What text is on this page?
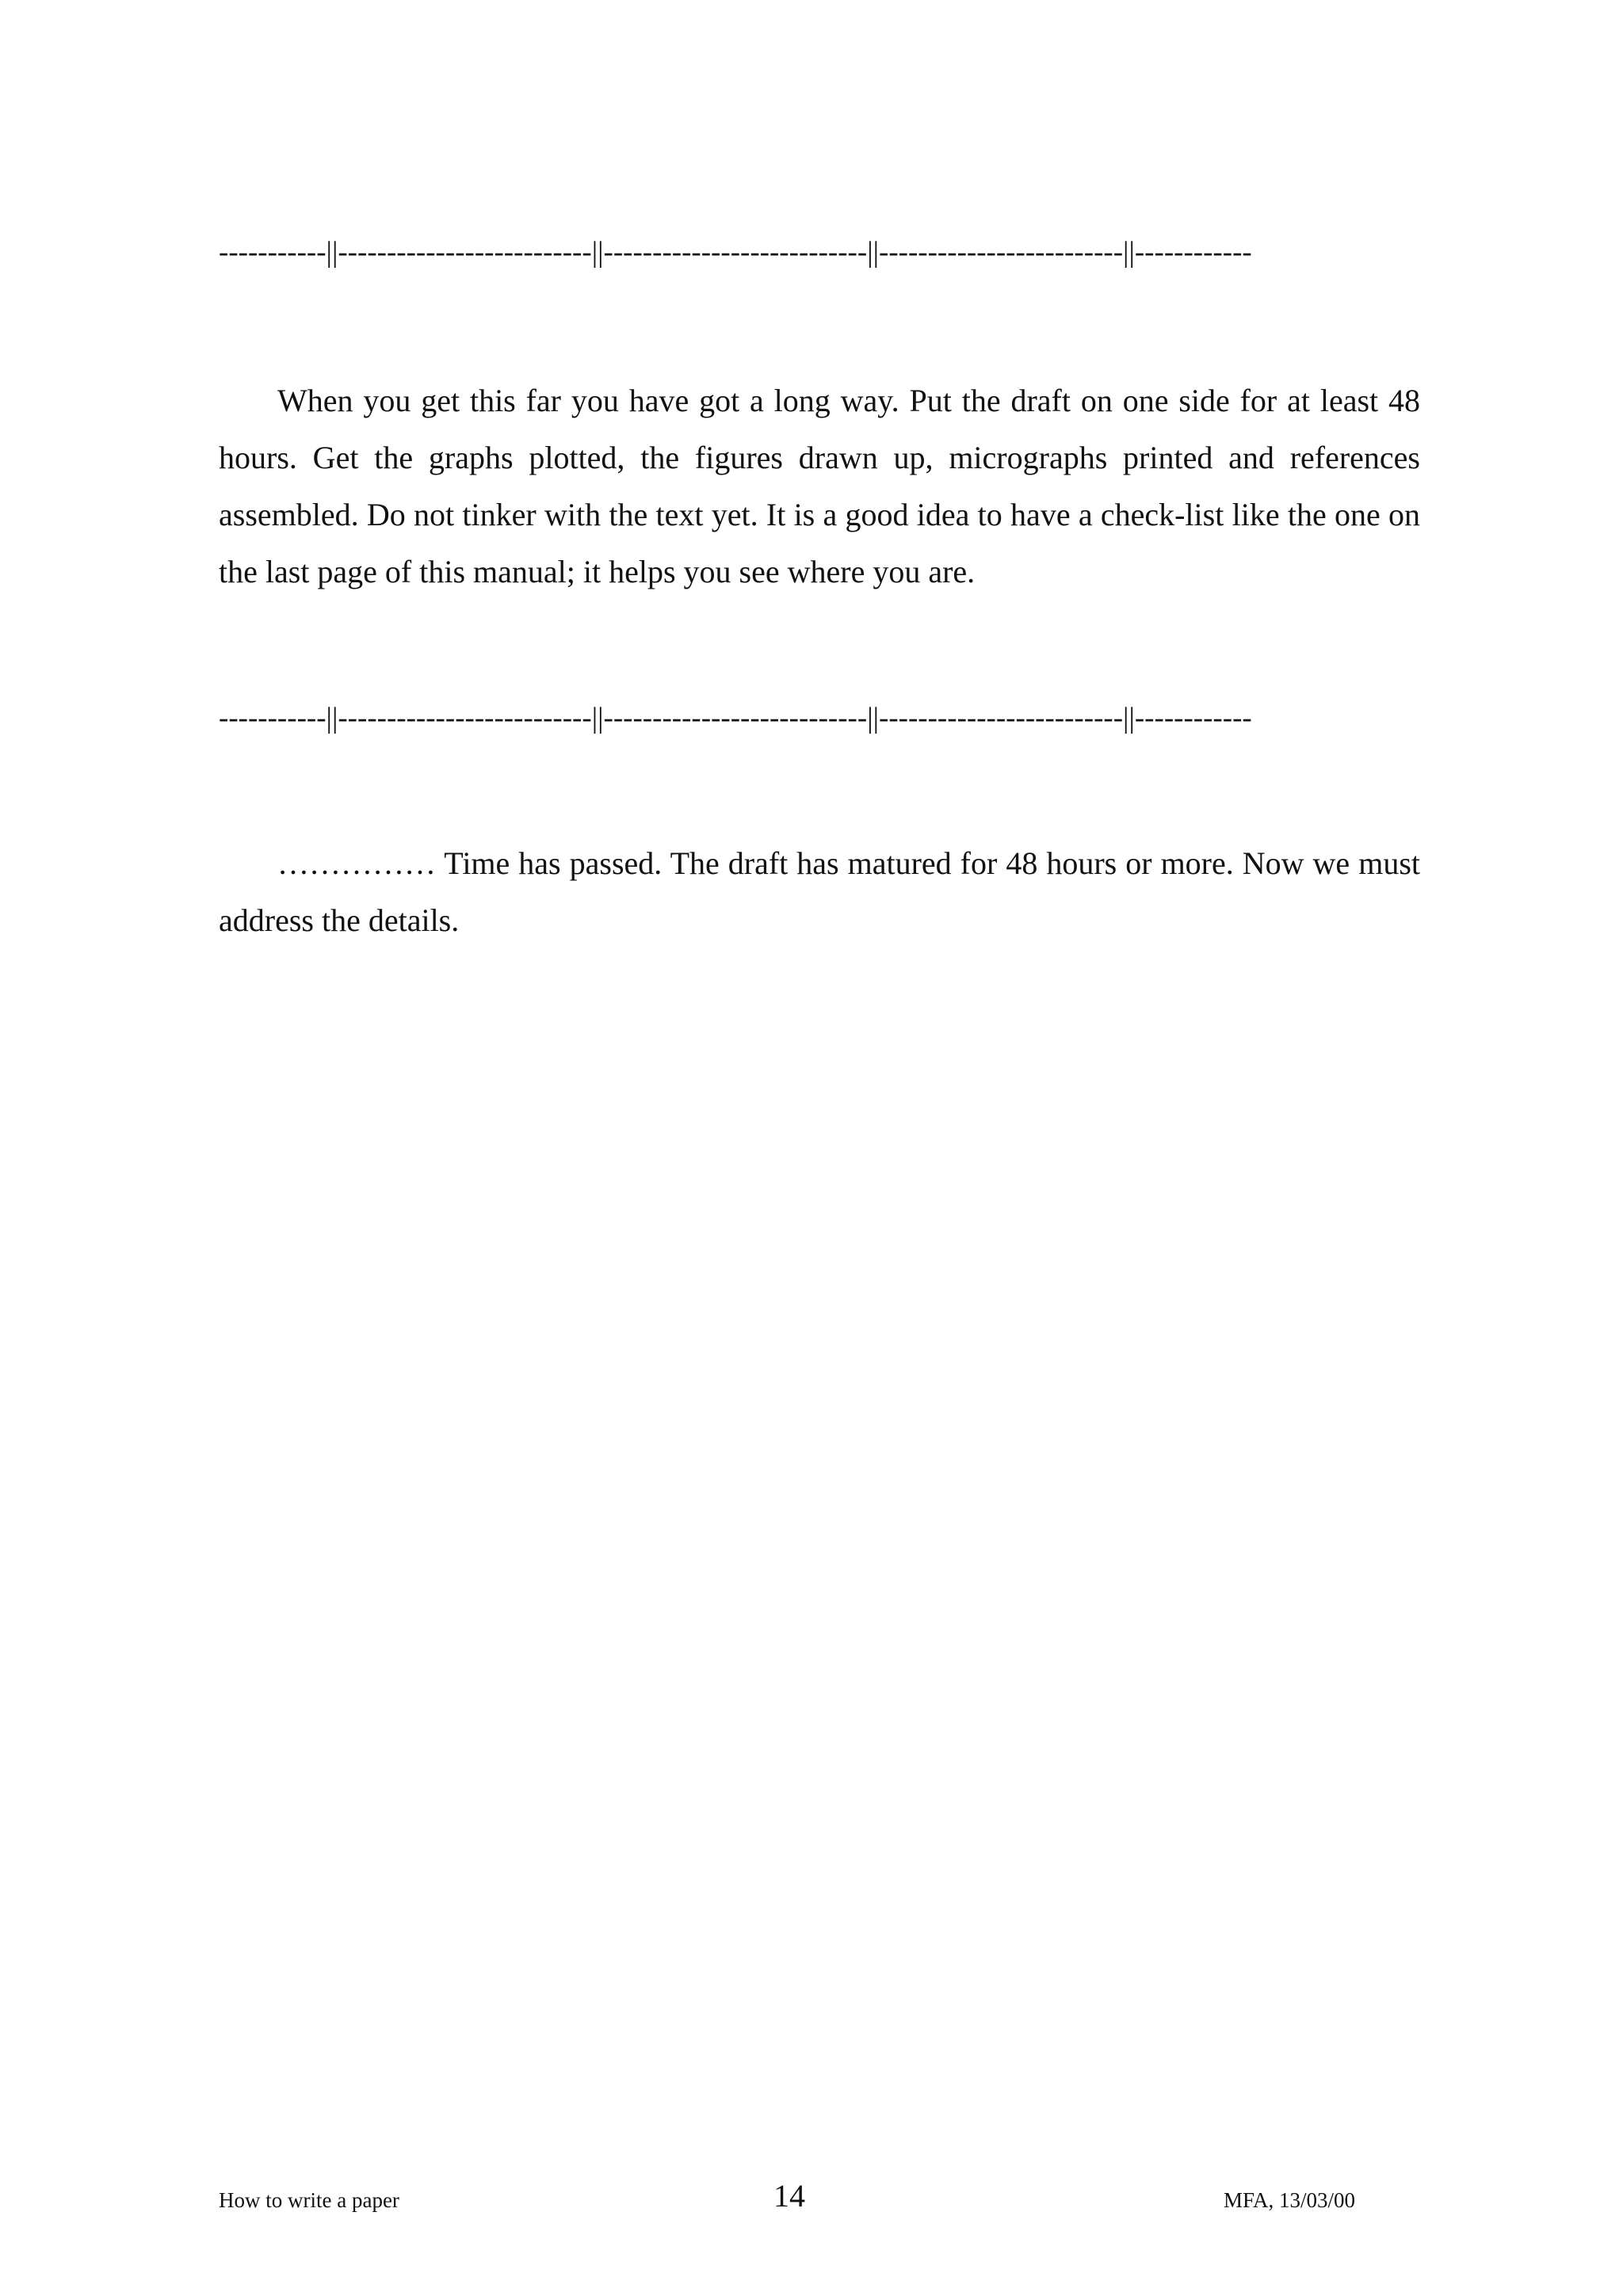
-----------||--------------------------||---------------------------||-------------------------||------------

When you get this far you have got a long way. Put the draft on one side for at least 48 hours. Get the graphs plotted, the figures drawn up, micrographs printed and references assembled. Do not tinker with the text yet. It is a good idea to have a check-list like the one on the last page of this manual; it helps you see where you are.

-----------||--------------------------||---------------------------||-------------------------||------------

…………… Time has passed. The draft has matured for 48 hours or more. Now we must address the details.

How to write a paper	14	MFA, 13/03/00
